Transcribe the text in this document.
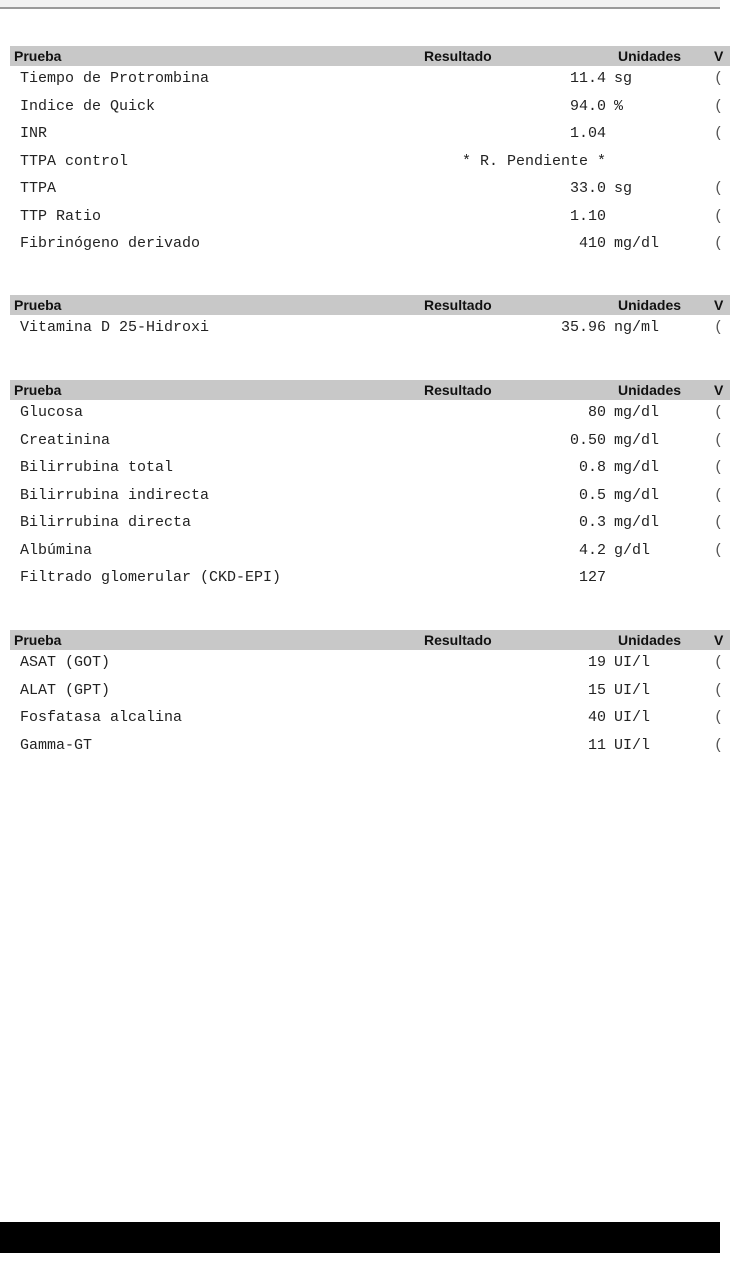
Prueba	Resultado	Unidades V
Tiempo de Protrombina	11.4 sg	(
Indice de Quick	94.0 %	(
INR	1.04	(
TTPA control	* R. Pendiente *
TTPA	33.0 sg	(
TTP Ratio	1.10	(
Fibrinógeno derivado	410 mg/dl	(
Prueba	Resultado	Unidades V
Vitamina D 25-Hidroxi	35.96 ng/ml	(
Prueba	Resultado	Unidades V
Glucosa	80 mg/dl	(
Creatinina	0.50 mg/dl	(
Bilirrubina total	0.8 mg/dl	(
Bilirrubina indirecta	0.5 mg/dl	(
Bilirrubina directa	0.3 mg/dl	(
Albúmina	4.2 g/dl	(
Filtrado glomerular (CKD-EPI)	127
Prueba	Resultado	Unidades V
ASAT (GOT)	19 UI/l	(
ALAT (GPT)	15 UI/l	(
Fosfatasa alcalina	40 UI/l	(
Gamma-GT	11 UI/l	(
